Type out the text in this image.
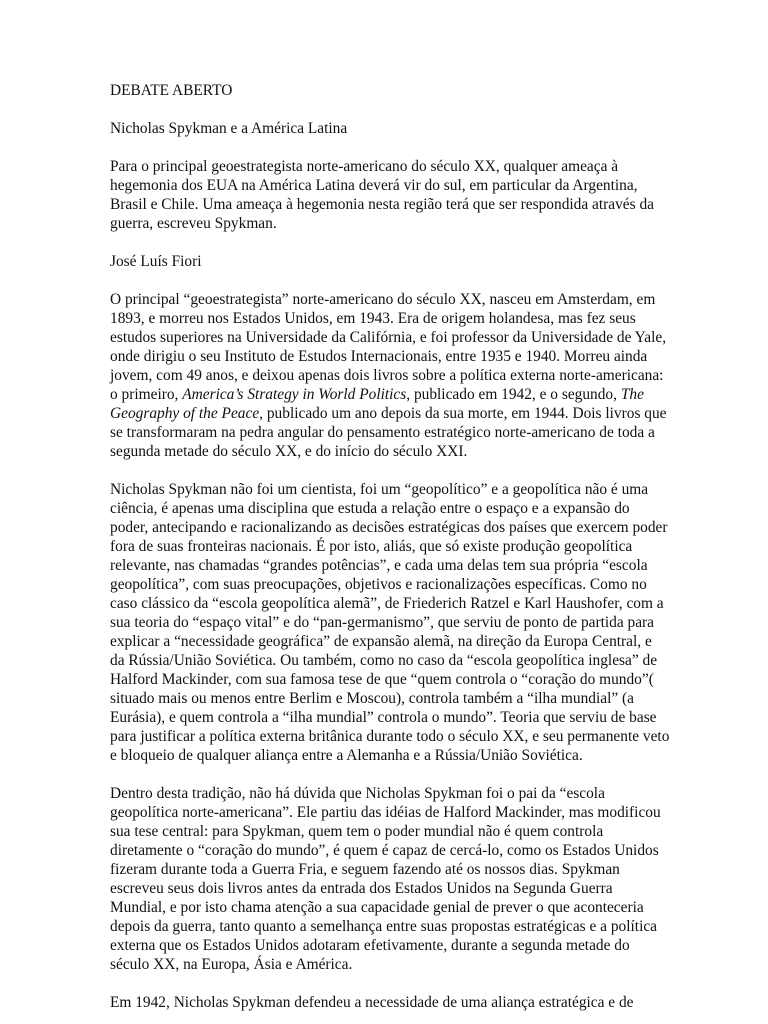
DEBATE ABERTO

Nicholas Spykman e a América Latina

Para o principal geoestrategista norte-americano do século XX, qualquer ameaça à hegemonia dos EUA na América Latina deverá vir do sul, em particular da Argentina, Brasil e Chile. Uma ameaça à hegemonia nesta região terá que ser respondida através da guerra, escreveu Spykman.

José Luís Fiori

O principal “geoestrategista” norte-americano do século XX, nasceu em Amsterdam, em 1893, e morreu nos Estados Unidos, em 1943. Era de origem holandesa, mas fez seus estudos superiores na Universidade da Califórnia, e foi professor da Universidade de Yale, onde dirigiu o seu Instituto de Estudos Internacionais, entre 1935 e 1940. Morreu ainda jovem, com 49 anos, e deixou apenas dois livros sobre a política externa norte-americana: o primeiro, America’s Strategy in World Politics, publicado em 1942, e o segundo, The Geography of the Peace, publicado um ano depois da sua morte, em 1944. Dois livros que se transformaram na pedra angular do pensamento estratégico norte-americano de toda a segunda metade do século XX, e do início do século XXI.

Nicholas Spykman não foi um cientista, foi um “geopolítico” e a geopolítica não é uma ciência, é apenas uma disciplina que estuda a relação entre o espaço e a expansão do poder, antecipando e racionalizando as decisões estratégicas dos países que exercem poder fora de suas fronteiras nacionais. É por isto, aliás, que só existe produção geopolítica relevante, nas chamadas “grandes potências”, e cada uma delas tem sua própria “escola geopolítica”, com suas preocupações, objetivos e racionalizações específicas. Como no caso clássico da “escola geopolítica alemã”, de Friederich Ratzel e Karl Haushofer, com a sua teoria do “espaço vital” e do “pan-germanismo”, que serviu de ponto de partida para explicar a “necessidade geográfica” de expansão alemã, na direção da Europa Central, e da Rússia/União Soviética. Ou também, como no caso da “escola geopolítica inglesa” de Halford Mackinder, com sua famosa tese de que “quem controla o “coração do mundo”( situado mais ou menos entre Berlim e Moscou), controla também a “ilha mundial” (a Eurásia), e quem controla a “ilha mundial” controla o mundo”. Teoria que serviu de base para justificar a política externa britânica durante todo o século XX, e seu permanente veto e bloqueio de qualquer aliança entre a Alemanha e a Rússia/União Soviética.

Dentro desta tradição, não há dúvida que Nicholas Spykman foi o pai da “escola geopolítica norte-americana”. Ele partiu das idéias de Halford Mackinder, mas modificou sua tese central: para Spykman, quem tem o poder mundial não é quem controla diretamente o “coração do mundo”, é quem é capaz de cercá-lo, como os Estados Unidos fizeram durante toda a Guerra Fria, e seguem fazendo até os nossos dias. Spykman escreveu seus dois livros antes da entrada dos Estados Unidos na Segunda Guerra Mundial, e por isto chama atenção a sua capacidade genial de prever o que aconteceria depois da guerra, tanto quanto a semelhança entre suas propostas estratégicas e a política externa que os Estados Unidos adotaram efetivamente, durante a segunda metade do século XX, na Europa, Ásia e América.

Em 1942, Nicholas Spykman defendeu a necessidade de uma aliança estratégica e de
